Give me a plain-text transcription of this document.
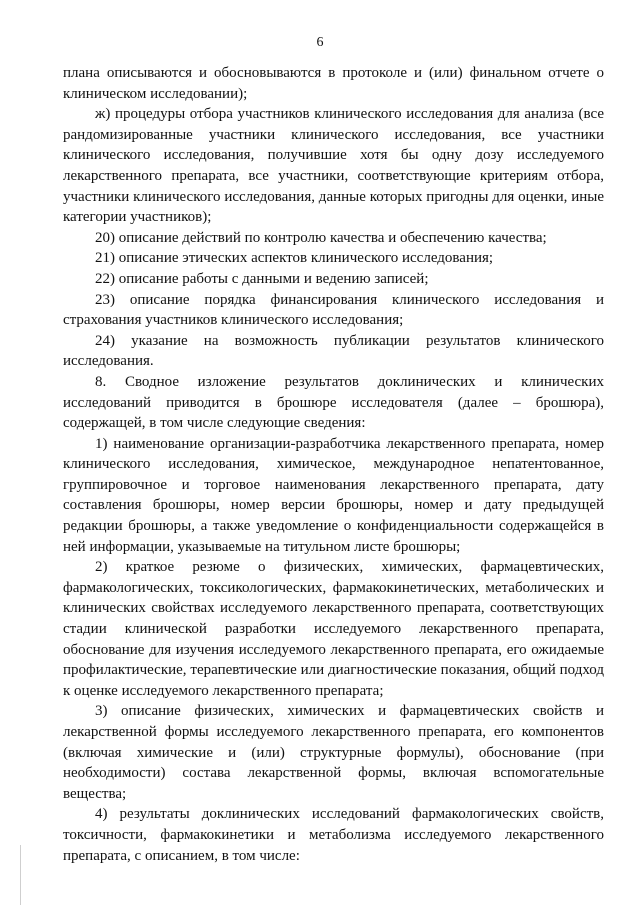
6

плана описываются и обосновываются в протоколе и (или) финальном отчете о клиническом исследовании);

ж) процедуры отбора участников клинического исследования для анализа (все рандомизированные участники клинического исследования, все участники клинического исследования, получившие хотя бы одну дозу исследуемого лекарственного препарата, все участники, соответствующие критериям отбора, участники клинического исследования, данные которых пригодны для оценки, иные категории участников);

20) описание действий по контролю качества и обеспечению качества;

21) описание этических аспектов клинического исследования;

22) описание работы с данными и ведению записей;

23) описание порядка финансирования клинического исследования и страхования участников клинического исследования;

24) указание на возможность публикации результатов клинического исследования.

8. Сводное изложение результатов доклинических и клинических исследований приводится в брошюре исследователя (далее – брошюра), содержащей, в том числе следующие сведения:

1) наименование организации-разработчика лекарственного препарата, номер клинического исследования, химическое, международное непатентованное, группировочное и торговое наименования лекарственного препарата, дату составления брошюры, номер версии брошюры, номер и дату предыдущей редакции брошюры, а также уведомление о конфиденциальности содержащейся в ней информации, указываемые на титульном листе брошюры;

2) краткое резюме о физических, химических, фармацевтических, фармакологических, токсикологических, фармакокинетических, метаболических и клинических свойствах исследуемого лекарственного препарата, соответствующих стадии клинической разработки исследуемого лекарственного препарата, обоснование для изучения исследуемого лекарственного препарата, его ожидаемые профилактические, терапевтические или диагностические показания, общий подход к оценке исследуемого лекарственного препарата;

3) описание физических, химических и фармацевтических свойств и лекарственной формы исследуемого лекарственного препарата, его компонентов (включая химические и (или) структурные формулы), обоснование (при необходимости) состава лекарственной формы, включая вспомогательные вещества;

4) результаты доклинических исследований фармакологических свойств, токсичности, фармакокинетики и метаболизма исследуемого лекарственного препарата, с описанием, в том числе:
